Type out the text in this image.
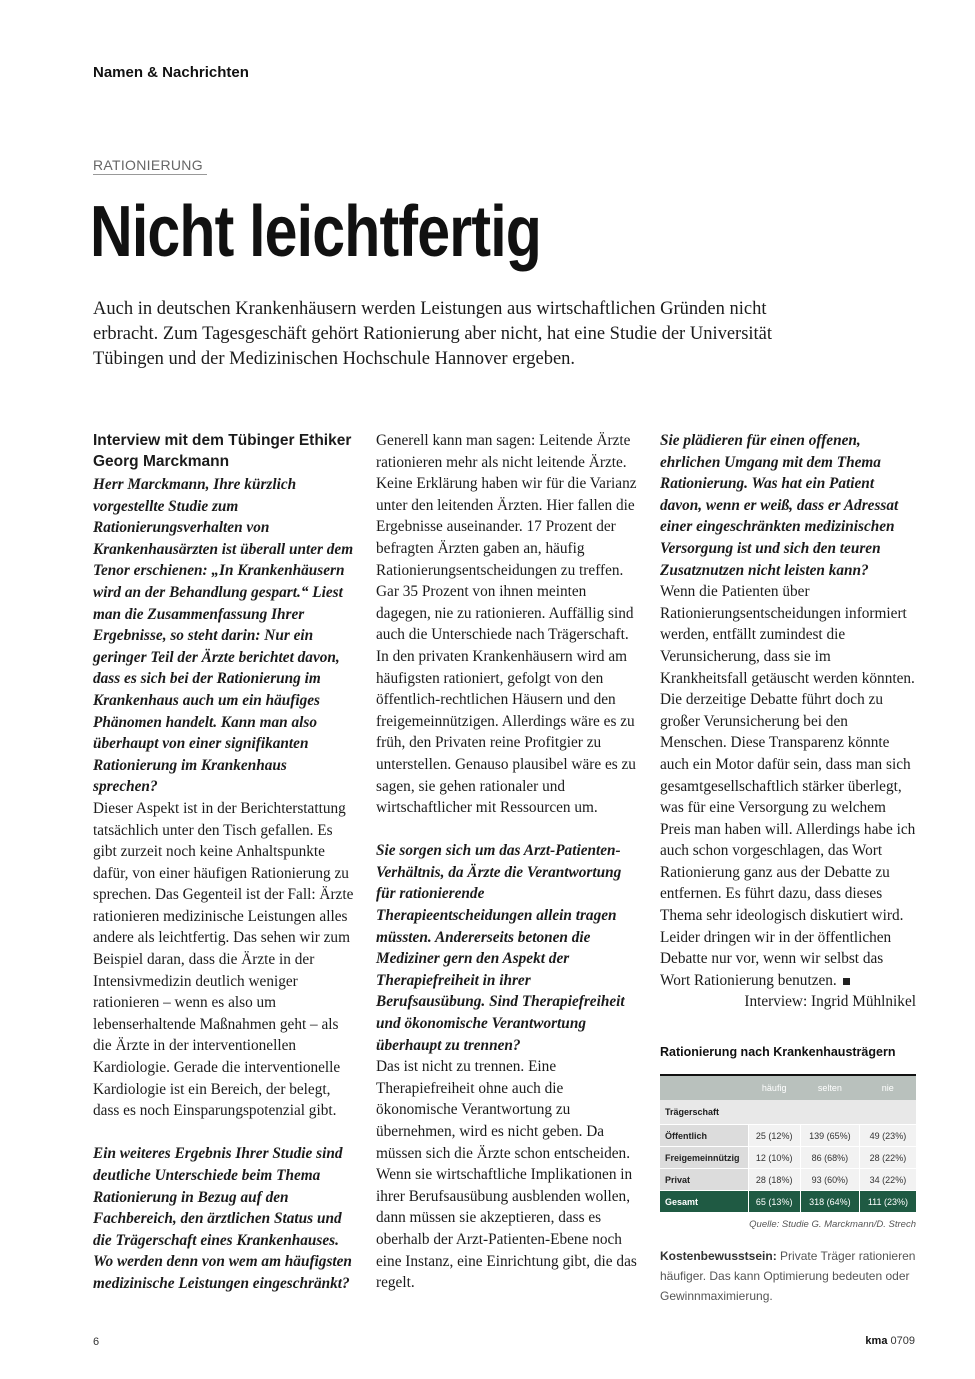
Namen & Nachrichten
RATIONIERUNG
Nicht leichtfertig

Auch in deutschen Krankenhäusern werden Leistungen aus wirtschaftlichen Gründen nicht erbracht. Zum Tagesgeschäft gehört Rationierung aber nicht, hat eine Studie der Universität Tübingen und der Medizinischen Hochschule Hannover ergeben.

Interview mit dem Tübinger Ethiker Georg Marckmann

Herr Marckmann, Ihre kürzlich vorgestellte Studie zum Rationierungsverhalten von Krankenhausärzten ist überall unter dem Tenor erschienen: „In Krankenhäusern wird an der Behandlung gespart.“ Liest man die Zusammenfassung Ihrer Ergebnisse, so steht darin: Nur ein geringer Teil der Ärzte berichtet davon, dass es sich bei der Rationierung im Krankenhaus auch um ein häufiges Phänomen handelt. Kann man also überhaupt von einer signifikanten Rationierung im Krankenhaus sprechen?

Dieser Aspekt ist in der Berichterstattung tatsächlich unter den Tisch gefallen. Es gibt zurzeit noch keine Anhaltspunkte dafür, von einer häufigen Rationierung zu sprechen. Das Gegenteil ist der Fall: Ärzte rationieren medizinische Leistungen alles andere als leichtfertig. Das sehen wir zum Beispiel daran, dass die Ärzte in der Intensivmedizin deutlich weniger rationieren – wenn es also um lebenserhaltende Maßnahmen geht – als die Ärzte in der interventionellen Kardiologie. Gerade die interventionelle Kardiologie ist ein Bereich, der belegt, dass es noch Einsparungspotenzial gibt.

Ein weiteres Ergebnis Ihrer Studie sind deutliche Unterschiede beim Thema Rationierung in Bezug auf den Fachbereich, den ärztlichen Status und die Trägerschaft eines Krankenhauses. Wo werden denn von wem am häufigsten medizinische Leistungen eingeschränkt?

Generell kann man sagen: Leitende Ärzte rationieren mehr als nicht leitende Ärzte. Keine Erklärung haben wir für die Varianz unter den leitenden Ärzten. Hier fallen die Ergebnisse auseinander. 17 Prozent der befragten Ärzten gaben an, häufig Rationierungsentscheidungen zu treffen. Gar 35 Prozent von ihnen meinten dagegen, nie zu rationieren. Auffällig sind auch die Unterschiede nach Trägerschaft. In den privaten Krankenhäusern wird am häufigsten rationiert, gefolgt von den öffentlich-rechtlichen Häusern und den freigemeinnützigen. Allerdings wäre es zu früh, den Privaten reine Profitgier zu unterstellen. Genauso plausibel wäre es zu sagen, sie gehen rationaler und wirtschaftlicher mit Ressourcen um.

Sie sorgen sich um das Arzt-Patienten-Verhältnis, da Ärzte die Verantwortung für rationierende Therapieentscheidungen allein tragen müssten. Andererseits betonen die Mediziner gern den Aspekt der Therapiefreiheit in ihrer Berufsausübung. Sind Therapiefreiheit und ökonomische Verantwortung überhaupt zu trennen?

Das ist nicht zu trennen. Eine Therapiefreiheit ohne auch die ökonomische Verantwortung zu übernehmen, wird es nicht geben. Da müssen sich die Ärzte schon entscheiden. Wenn sie wirtschaftliche Implikationen in ihrer Berufsausübung ausblenden wollen, dann müssen sie akzeptieren, dass es oberhalb der Arzt-Patienten-Ebene noch eine Instanz, eine Einrichtung gibt, die das regelt.

Sie plädieren für einen offenen, ehrlichen Umgang mit dem Thema Rationierung. Was hat ein Patient davon, wenn er weiß, dass er Adressat einer eingeschränkten medizinischen Versorgung ist und sich den teuren Zusatznutzen nicht leisten kann?

Wenn die Patienten über Rationierungsentscheidungen informiert werden, entfällt zumindest die Verunsicherung, dass sie im Krankheitsfall getäuscht werden könnten. Die derzeitige Debatte führt doch zu großer Verunsicherung bei den Menschen. Diese Transparenz könnte auch ein Motor dafür sein, dass man sich gesamtgesellschaftlich stärker überlegt, was für eine Versorgung zu welchem Preis man haben will. Allerdings habe ich auch schon vorgeschlagen, das Wort Rationierung ganz aus der Debatte zu entfernen. Es führt dazu, dass dieses Thema sehr ideologisch diskutiert wird. Leider dringen wir in der öffentlichen Debatte nur vor, wenn wir selbst das Wort Rationierung benutzen.

Interview: Ingrid Mühlnikel

Rationierung nach Krankenhausträgern
	häufig	selten	nie
Trägerschaft			
Öffentlich	25 (12%)	139 (65%)	49 (23%)
Freigemeinnützig	12 (10%)	86 (68%)	28 (22%)
Privat	28 (18%)	93 (60%)	34 (22%)
Gesamt	65 (13%)	318 (64%)	111 (23%)
Quelle: Studie G. Marckmann/D. Strech
Kostenbewusstsein: Private Träger rationieren häufiger. Das kann Optimierung bedeuten oder Gewinnmaximierung.
6	kma 0709
